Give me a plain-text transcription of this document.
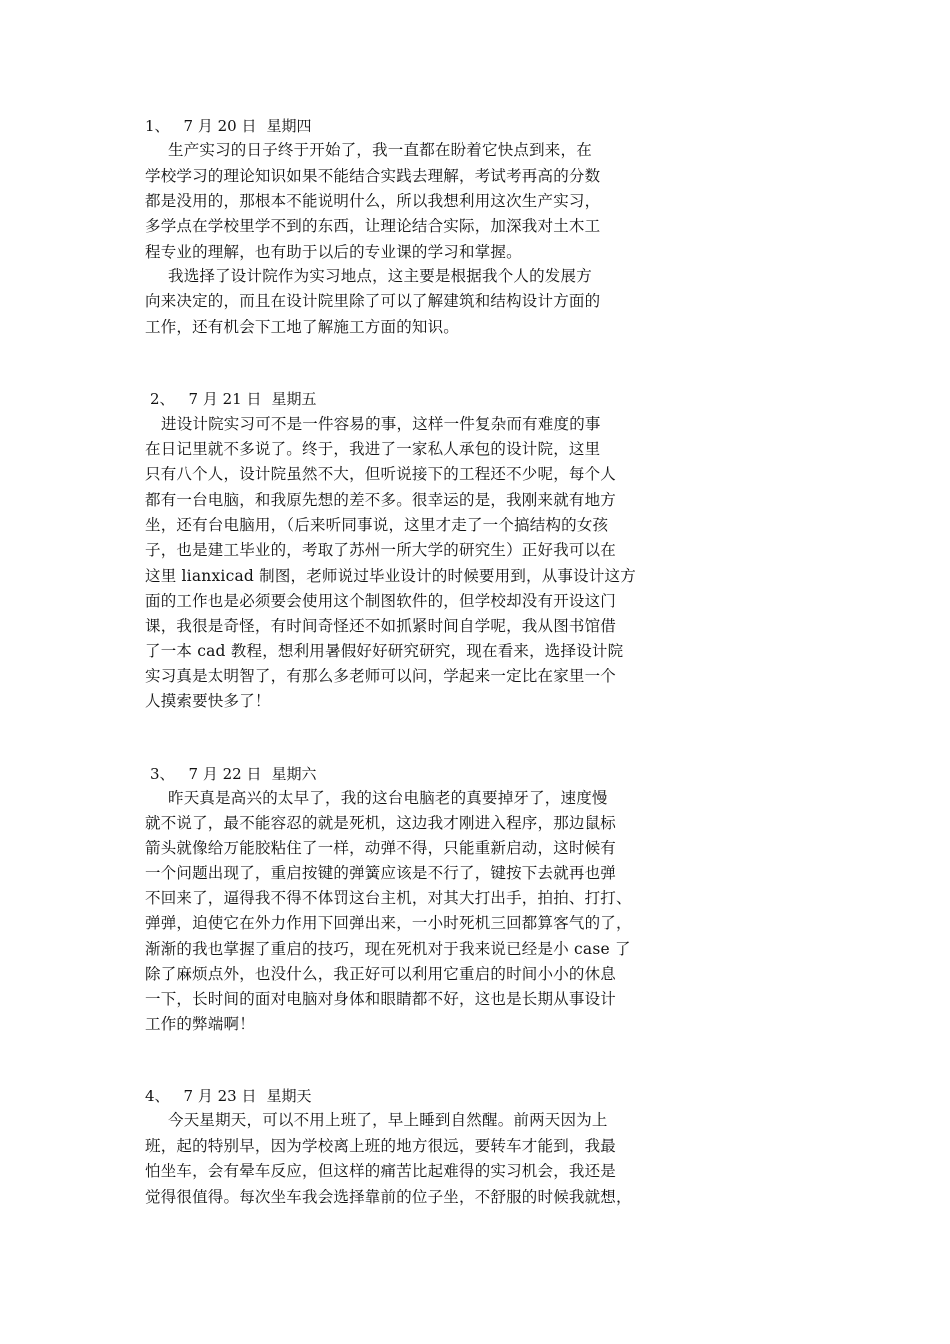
1、 7 月 20 日 星期四
生产实习的日子终于开始了，我一直都在盼着它快点到来，在
学校学习的理论知识如果不能结合实践去理解，考试考再高的分数
都是没用的，那根本不能说明什么，所以我想利用这次生产实习，
多学点在学校里学不到的东西，让理论结合实际，加深我对土木工
程专业的理解，也有助于以后的专业课的学习和掌握。
我选择了设计院作为实习地点，这主要是根据我个人的发展方
向来决定的，而且在设计院里除了可以了解建筑和结构设计方面的
工作，还有机会下工地了解施工方面的知识。
2、 7 月 21 日 星期五
进设计院实习可不是一件容易的事，这样一件复杂而有难度的事
在日记里就不多说了。终于，我进了一家私人承包的设计院，这里
只有八个人，设计院虽然不大，但听说接下的工程还不少呢，每个人
都有一台电脑，和我原先想的差不多。很幸运的是，我刚来就有地方
坐，还有台电脑用，（后来听同事说，这里才走了一个搞结构的女孩
子，也是建工毕业的，考取了苏州一所大学的研究生）正好我可以在
这里 lianxicad 制图，老师说过毕业设计的时候要用到，从事设计这方
面的工作也是必须要会使用这个制图软件的，但学校却没有开设这门
课，我很是奇怪，有时间奇怪还不如抓紧时间自学呢，我从图书馆借
了一本 cad 教程，想利用暑假好好研究研究，现在看来，选择设计院
实习真是太明智了，有那么多老师可以问，学起来一定比在家里一个
人摸索要快多了！
3、 7 月 22 日 星期六
昨天真是高兴的太早了，我的这台电脑老的真要掉牙了，速度慢
就不说了，最不能容忍的就是死机，这边我才刚进入程序，那边鼠标
箭头就像给万能胶粘住了一样，动弹不得，只能重新启动，这时候有
一个问题出现了，重启按键的弹簧应该是不行了，键按下去就再也弹
不回来了，逼得我不得不体罚这台主机，对其大打出手，拍拍、打打、
弹弹，迫使它在外力作用下回弹出来，一小时死机三回都算客气的了，
渐渐的我也掌握了重启的技巧，现在死机对于我来说已经是小 case 了
除了麻烦点外，也没什么，我正好可以利用它重启的时间小小的休息
一下，长时间的面对电脑对身体和眼睛都不好，这也是长期从事设计
工作的弊端啊！
4、 7 月 23 日 星期天
今天星期天，可以不用上班了，早上睡到自然醒。前两天因为上
班，起的特别早，因为学校离上班的地方很远，要转车才能到，我最
怕坐车，会有晕车反应，但这样的痛苦比起难得的实习机会，我还是
觉得很值得。每次坐车我会选择靠前的位子坐，不舒服的时候我就想，
